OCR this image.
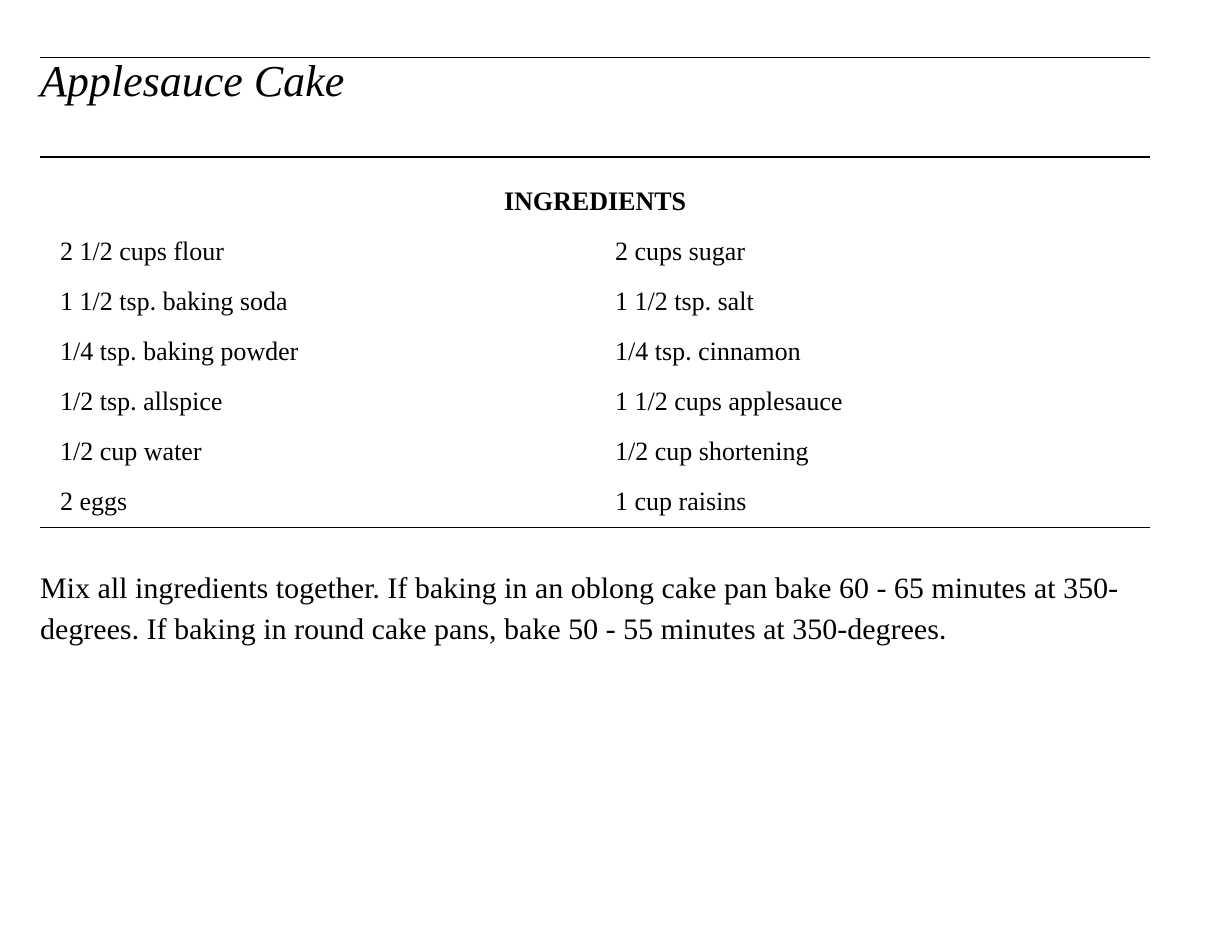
Applesauce Cake
INGREDIENTS
2 1/2 cups flour	2 cups sugar
1 1/2 tsp. baking soda	1 1/2 tsp. salt
1/4 tsp. baking powder	1/4 tsp. cinnamon
1/2 tsp. allspice	1 1/2 cups applesauce
1/2 cup water	1/2 cup shortening
2 eggs	1 cup raisins

Mix all ingredients together. If baking in an oblong cake pan bake 60 - 65 minutes at 350-degrees. If baking in round cake pans, bake 50 - 55 minutes at 350-degrees.
